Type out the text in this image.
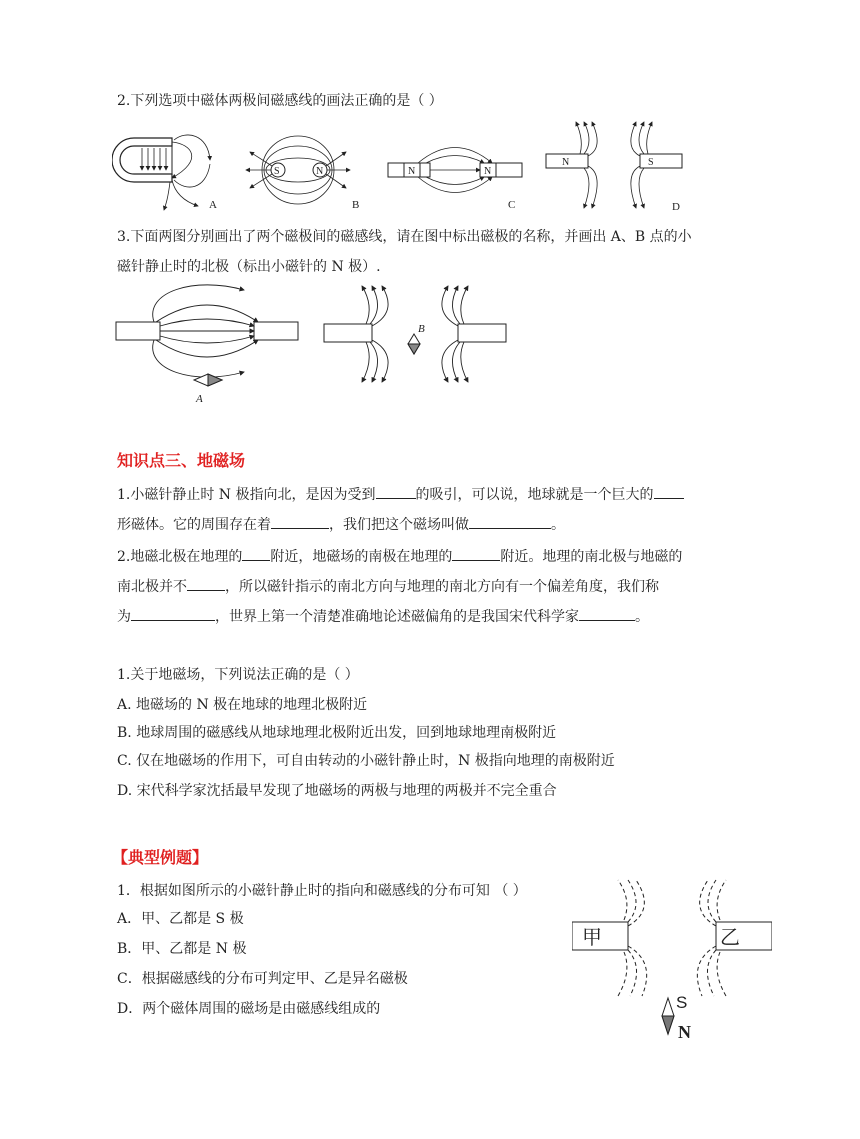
2.下列选项中磁体两极间磁感线的画法正确的是（ ）
A
S	N
B
N	N
C
N	S
D
3.下面两图分别画出了两个磁极间的磁感线，请在图中标出磁极的名称，并画出 A、B 点的小
磁针静止时的北极（标出小磁针的 N 极）.
A
B
知识点三、地磁场
1.小磁针静止时 N 极指向北，是因为受到	的吸引，可以说，地球就是一个巨大的
形磁体。它的周围存在着	，我们把这个磁场叫做	。
2.地磁北极在地理的 附近，地磁场的南极在地理的	附近。地理的南北极与地磁的
南北极并不	，所以磁针指示的南北方向与地理的南北方向有一个偏差角度，我们称
为	，世界上第一个清楚准确地论述磁偏角的是我国宋代科学家	。
1.关于地磁场，下列说法正确的是（ ）
A. 地磁场的 N 极在地球的地理北极附近
B. 地球周围的磁感线从地球地理北极附近出发，回到地球地理南极附近
C. 仅在地磁场的作用下，可自由转动的小磁针静止时，N 极指向地理的南极附近
D. 宋代科学家沈括最早发现了地磁场的两极与地理的两极并不完全重合
【典型例题】
1．根据如图所示的小磁针静止时的指向和磁感线的分布可知 （ ）
A．甲、乙都是 S 极
B．甲、乙都是 N 极
C．根据磁感线的分布可判定甲、乙是异名磁极
D．两个磁体周围的磁场是由磁感线组成的
甲	乙
S
N
